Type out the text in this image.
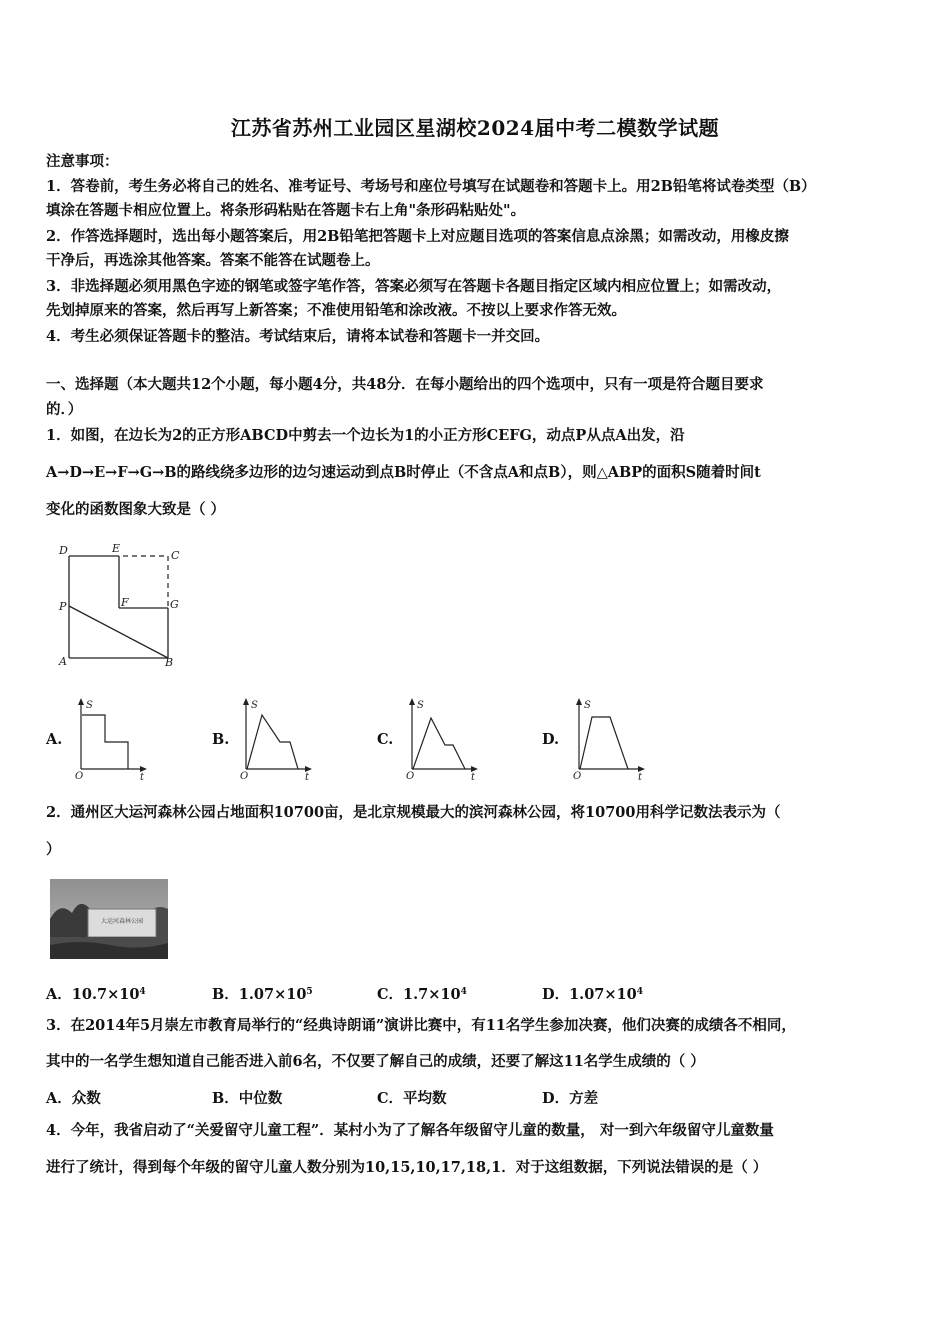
江苏省苏州工业园区星湖校2024届中考二模数学试题
注意事项：
1．答卷前，考生务必将自己的姓名、准考证号、考场号和座位号填写在试题卷和答题卡上。用2B铅笔将试卷类型（B）
填涂在答题卡相应位置上。将条形码粘贴在答题卡右上角"条形码粘贴处"。
2．作答选择题时，选出每小题答案后，用2B铅笔把答题卡上对应题目选项的答案信息点涂黑；如需改动，用橡皮擦
干净后，再选涂其他答案。答案不能答在试题卷上。
3．非选择题必须用黑色字迹的钢笔或签字笔作答，答案必须写在答题卡各题目指定区域内相应位置上；如需改动，
先划掉原来的答案，然后再写上新答案；不准使用铅笔和涂改液。不按以上要求作答无效。
4．考生必须保证答题卡的整洁。考试结束后，请将本试卷和答题卡一并交回。
一、选择题（本大题共12个小题，每小题4分，共48分．在每小题给出的四个选项中，只有一项是符合题目要求
的．）
1．如图，在边长为2的正方形ABCD中剪去一个边长为1的小正方形CEFG，动点P从点A出发，沿
A→D→E→F→G→B的路线绕多边形的边匀速运动到点B时停止（不含点A和点B），则△ABP的面积S随着时间t
变化的函数图象大致是（ ）
D	E
C
F	G
P
A	B
A.
S
O	t
B.
S
O	t
C.
S
O	t
D.
S
O	t
2．通州区大运河森林公园占地面积10700亩，是北京规模最大的滨河森林公园，将10700用科学记数法表示为（
）
大运河森林公园
A．$10.7\times 10^4$	B．$1.07\times 10^5$	C．$1.7\times 10^4$	D．$1.07\times 10^4$
3．在2014年5月崇左市教育局举行的“经典诗朗诵”演讲比赛中，有11名学生参加决赛，他们决赛的成绩各不相同，
其中的一名学生想知道自己能否进入前6名，不仅要了解自己的成绩，还要了解这11名学生成绩的（ ）
A．众数	B．中位数	C．平均数	D．方差
4．今年，我省启动了“关爱留守儿童工程”．某村小为了了解各年级留守儿童的数量， 对一到六年级留守儿童数量
进行了统计，得到每个年级的留守儿童人数分别为10,15,10,17,18,1．对于这组数据，下列说法错误的是（ ）
